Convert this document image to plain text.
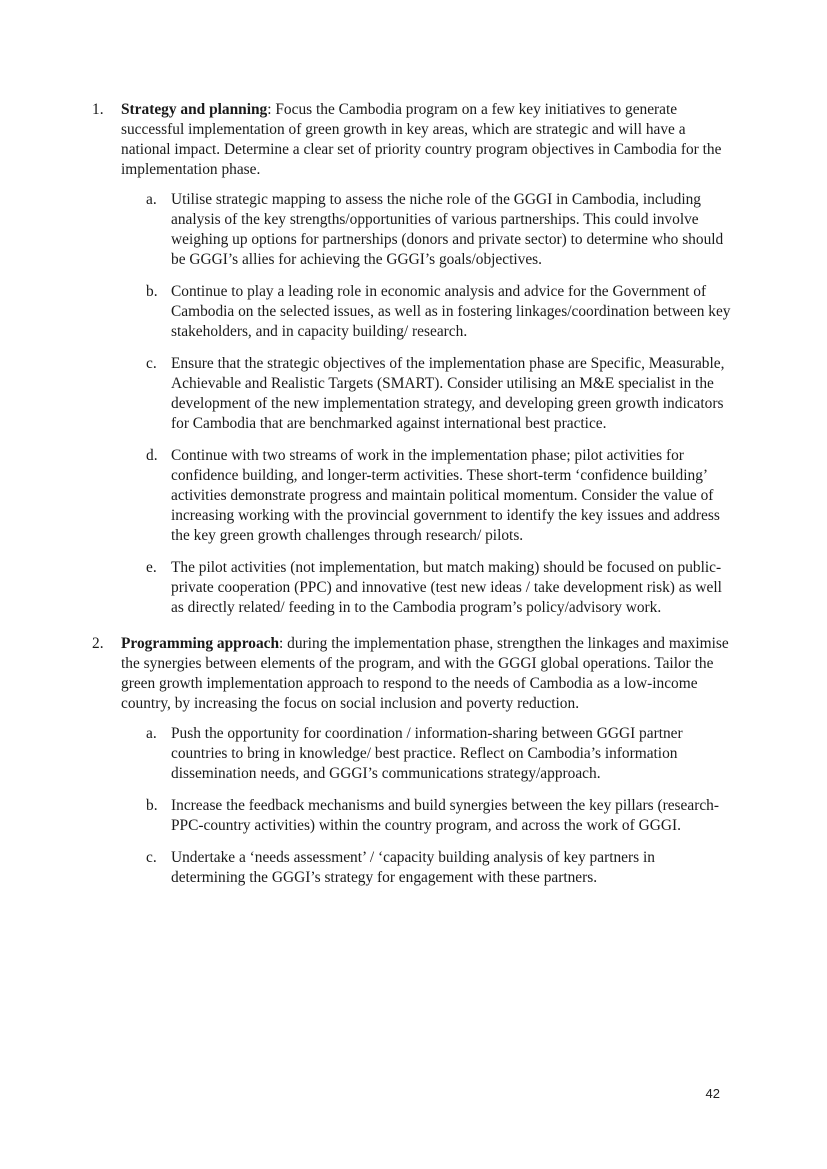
1.	Strategy and planning: Focus the Cambodia program on a few key initiatives to generate successful implementation of green growth in key areas, which are strategic and will have a national impact. Determine a clear set of priority country program objectives in Cambodia for the implementation phase.
a. Utilise strategic mapping to assess the niche role of the GGGI in Cambodia, including analysis of the key strengths/opportunities of various partnerships. This could involve weighing up options for partnerships (donors and private sector) to determine who should be GGGI’s allies for achieving the GGGI’s goals/objectives.
b. Continue to play a leading role in economic analysis and advice for the Government of Cambodia on the selected issues, as well as in fostering linkages/coordination between key stakeholders, and in capacity building/ research.
c. Ensure that the strategic objectives of the implementation phase are Specific, Measurable, Achievable and Realistic Targets (SMART). Consider utilising an M&E specialist in the development of the new implementation strategy, and developing green growth indicators for Cambodia that are benchmarked against international best practice.
d. Continue with two streams of work in the implementation phase; pilot activities for confidence building, and longer-term activities. These short-term ‘confidence building’ activities demonstrate progress and maintain political momentum. Consider the value of increasing working with the provincial government to identify the key issues and address the key green growth challenges through research/ pilots.
e. The pilot activities (not implementation, but match making) should be focused on public-private cooperation (PPC) and innovative (test new ideas / take development risk) as well as directly related/ feeding in to the Cambodia program’s policy/advisory work.
2.	Programming approach: during the implementation phase, strengthen the linkages and maximise the synergies between elements of the program, and with the GGGI global operations. Tailor the green growth implementation approach to respond to the needs of Cambodia as a low-income country, by increasing the focus on social inclusion and poverty reduction.
a. Push the opportunity for coordination / information-sharing between GGGI partner countries to bring in knowledge/ best practice. Reflect on Cambodia’s information dissemination needs, and GGGI’s communications strategy/approach.
b. Increase the feedback mechanisms and build synergies between the key pillars (research-PPC-country activities) within the country program, and across the work of GGGI.
c. Undertake a ‘needs assessment’ / ‘capacity building analysis of key partners in determining the GGGI’s strategy for engagement with these partners.
42
